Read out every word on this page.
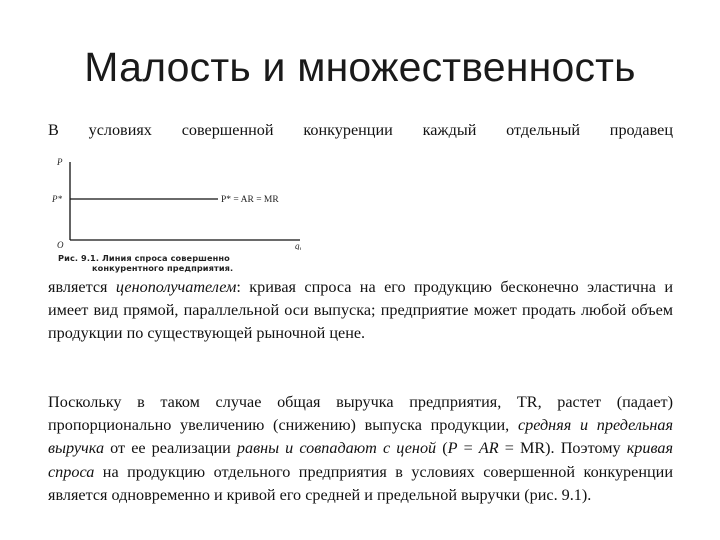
Малость и множественность
В условиях совершенной конкуренции каждый отдельный продавец
P
P*
O	$q_i$
P* = AR = MR
Рис. 9.1. Линия спроса совершенно
конкурентного предприятия.
является ценополучателем: кривая спроса на его продукцию бесконечно эластична и имеет вид прямой, параллельной оси выпуска; предприятие может продать любой объем продукции по существующей рыночной цене.
Поскольку в таком случае общая выручка предприятия, TR, растет (падает) пропорционально увеличению (снижению) выпуска продукции, средняя и предельная выручка от ее реализации равны и совпадают с ценой (P = AR = MR). Поэтому кривая спроса на продукцию отдельного предприятия в условиях совершенной конкуренции является одновременно и кривой его средней и предельной выручки (рис. 9.1).
